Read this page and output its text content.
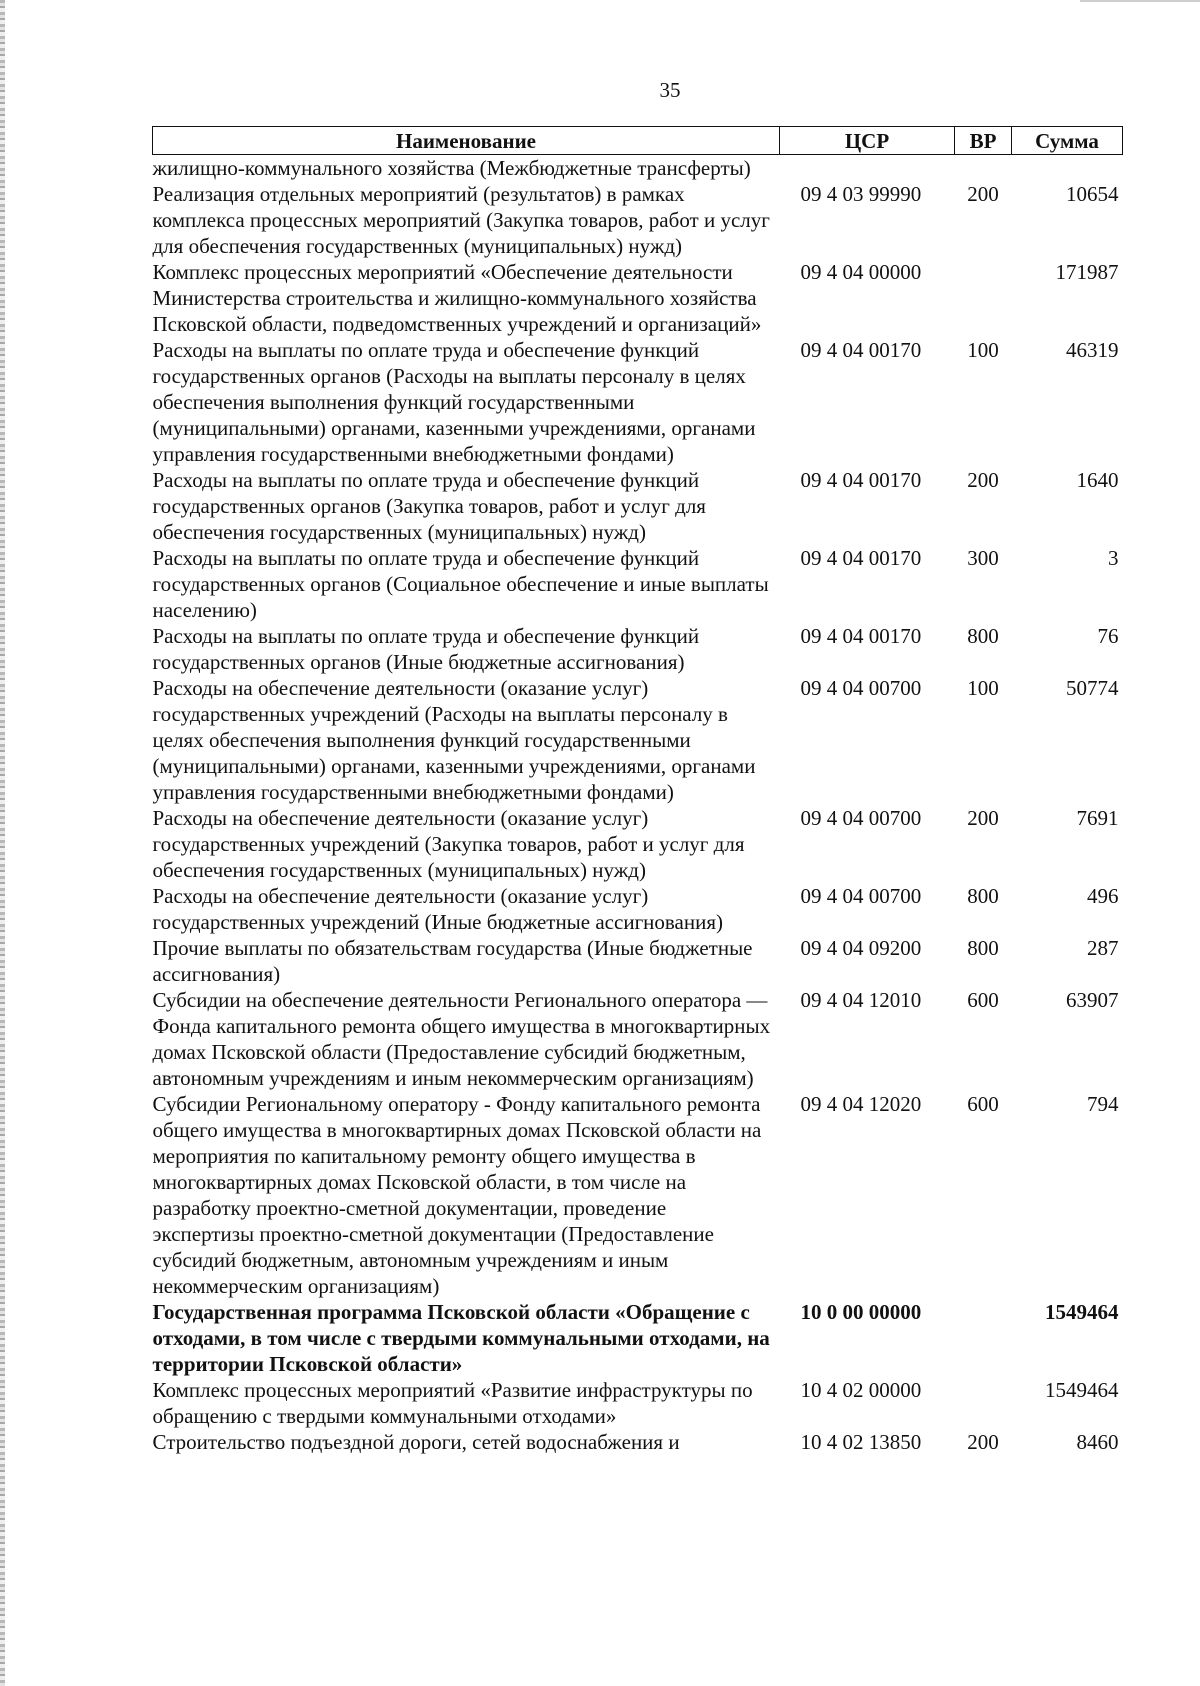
35
Наименование	ЦСР	ВР	Сумма
жилищно-коммунального хозяйства (Межбюджетные трансферты)			
Реализация отдельных мероприятий (результатов) в рамках комплекса процессных мероприятий (Закупка товаров, работ и услуг для обеспечения государственных (муниципальных) нужд)	09 4 03 99990	200	10654
Комплекс процессных мероприятий «Обеспечение деятельности Министерства строительства и жилищно-коммунального хозяйства Псковской области, подведомственных учреждений и организаций»	09 4 04 00000		171987
Расходы на выплаты по оплате труда и обеспечение функций государственных органов (Расходы на выплаты персоналу в целях обеспечения выполнения функций государственными (муниципальными) органами, казенными учреждениями, органами управления государственными внебюджетными фондами)	09 4 04 00170	100	46319
Расходы на выплаты по оплате труда и обеспечение функций государственных органов (Закупка товаров, работ и услуг для обеспечения государственных (муниципальных) нужд)	09 4 04 00170	200	1640
Расходы на выплаты по оплате труда и обеспечение функций государственных органов (Социальное обеспечение и иные выплаты населению)	09 4 04 00170	300	3
Расходы на выплаты по оплате труда и обеспечение функций государственных органов (Иные бюджетные ассигнования)	09 4 04 00170	800	76
Расходы на обеспечение деятельности (оказание услуг) государственных учреждений (Расходы на выплаты персоналу в целях обеспечения выполнения функций государственными (муниципальными) органами, казенными учреждениями, органами управления государственными внебюджетными фондами)	09 4 04 00700	100	50774
Расходы на обеспечение деятельности (оказание услуг) государственных учреждений (Закупка товаров, работ и услуг для обеспечения государственных (муниципальных) нужд)	09 4 04 00700	200	7691
Расходы на обеспечение деятельности (оказание услуг) государственных учреждений (Иные бюджетные ассигнования)	09 4 04 00700	800	496
Прочие выплаты по обязательствам государства (Иные бюджетные ассигнования)	09 4 04 09200	800	287
Субсидии на обеспечение деятельности Регионального оператора — Фонда капитального ремонта общего имущества в многоквартирных домах Псковской области (Предоставление субсидий бюджетным, автономным учреждениям и иным некоммерческим организациям)	09 4 04 12010	600	63907
Субсидии Региональному оператору - Фонду капитального ремонта общего имущества в многоквартирных домах Псковской области на мероприятия по капитальному ремонту общего имущества в многоквартирных домах Псковской области, в том числе на разработку проектно-сметной документации, проведение экспертизы проектно-сметной документации (Предоставление субсидий бюджетным, автономным учреждениям и иным некоммерческим организациям)	09 4 04 12020	600	794
Государственная программа Псковской области «Обращение с отходами, в том числе с твердыми коммунальными отходами, на территории Псковской области»	10 0 00 00000		1549464
Комплекс процессных мероприятий «Развитие инфраструктуры по обращению с твердыми коммунальными отходами»	10 4 02 00000		1549464
Строительство подъездной дороги, сетей водоснабжения и	10 4 02 13850	200	8460
